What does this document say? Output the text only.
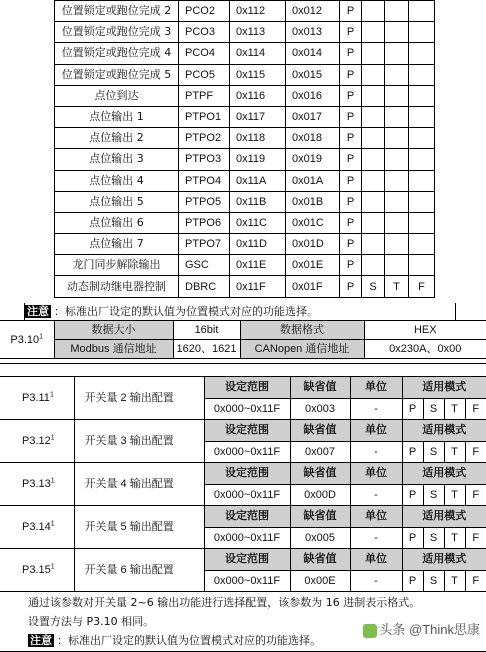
位置锁定或跑位完成 2	PCO2	0x112	0x012	P			
位置锁定或跑位完成 3	PCO3	0x113	0x013	P			
位置锁定或跑位完成 4	PCO4	0x114	0x014	P			
位置锁定或跑位完成 5	PCO5	0x115	0x015	P			
点位到达	PTPF	0x116	0x016	P			
点位输出 1	PTPO1	0x117	0x017	P			
点位输出 2	PTPO2	0x118	0x018	P			
点位输出 3	PTPO3	0x119	0x019	P			
点位输出 4	PTPO4	0x11A	0x01A	P			
点位输出 5	PTPO5	0x11B	0x01B	P			
点位输出 6	PTPO6	0x11C	0x01C	P			
点位输出 7	PTPO7	0x11D	0x01D	P			
龙门同步解除输出	GSC	0x11E	0x01E	P			
动态制动继电器控制	DBRC	0x11F	0x01F	P	S	T	F
注意 ：标准出厂设定的默认值为位置模式对应的功能选择。
P3.10$^1$	数据大小	16bit	数据格式	HEX
	Modbus 通信地址	1620、1621	CANopen 通信地址	0x230A、0x00
P3.11$^1$	开关量 2 输出配置	设定范围	缺省值	单位	适用模式			
		0x000~0x11F	0x003	-	P	S	T	F
P3.12$^1$	开关量 3 输出配置	设定范围	缺省值	单位	适用模式			
		0x000~0x11F	0x007	-	P	S	T	F
P3.13$^1$	开关量 4 输出配置	设定范围	缺省值	单位	适用模式			
		0x000~0x11F	0x00D	-	P	S	T	F
P3.14$^1$	开关量 5 输出配置	设定范围	缺省值	单位	适用模式			
		0x000~0x11F	0x005	-	P	S	T	F
P3.15$^1$	开关量 6 输出配置	设定范围	缺省值	单位	适用模式			
		0x000~0x11F	0x00E	-	P	S	T	F
通过该参数对开关量 2~6 输出功能进行选择配置，该参数为 16 进制表示格式。
设置方法与 P3.10 相同。
注意 ：标准出厂设定的默认值为位置模式对应的功能选择。
头条 @Think思康
